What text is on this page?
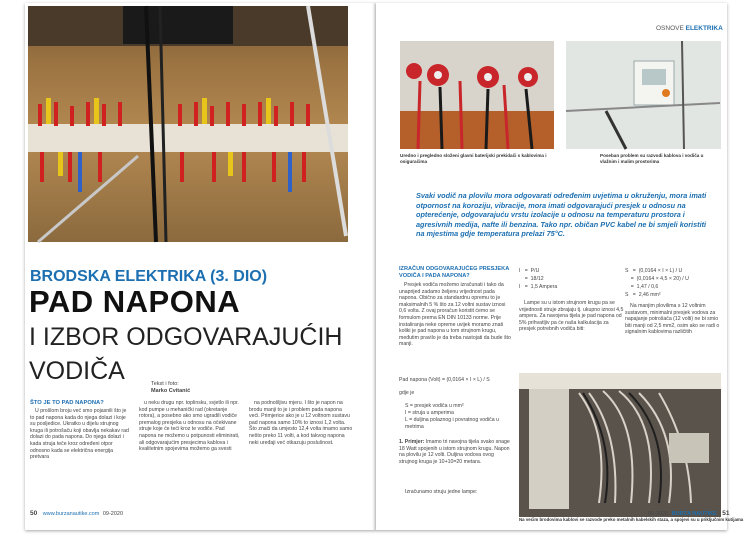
BRODSKA ELEKTRIKA (3. DIO)
PAD NAPONA
I IZBOR ODGOVARAJUĆIH
VODIČA	Tekst i foto:
Marko Cvitanić
ŠTO JE TO PAD NAPONA?

U prošlom broju već smo pojasnili što je to pad napona kada do njega dolazi i koje su posljedice. Ukratko u dijelu strujnog kruga ili potrošaču koji obavlja nekakav rad dolazi do pada napona. Do njega dolazi i kada struja teče kroz određeni otpor odnosno kada se električna energija pretvara

u neku drugu npr. toplinsku, svjetlo ili npr. kod pumpe u mehanički rad (okretanje rotora), a posebno ako smo ugradili vodiče premalog presjeka u odnosu na očekivane struje koje će teći kroz te vodiče. Pad napona ne možemo u potpunosti eliminirati, ali odgovarajućim presjecima kablova i kvalitetnim spojevima možemo ga svesti

na podnošljivu mjeru. I što je napon na brodu manji to je i problem pada napona veći. Primjerice ako je u 12 voltnom sustavu pad napona samo 10% to iznosi 1,2 volta. Što znači da umjesto 12,4 volta imamo samo nešto preko 11 volti, a kod takvog napona neki uređaji već otkazuju poslušnost.

50 www.burzanautike.com 09-2020
OSNOVE ELEKTRIKA
Uredno i pregledno složeni glavni baterijski prekidači s kablovima i osiguračima
Poseban problem su razvodi kablova i vodiča u vlažnim i malim prostorima
Svaki vodič na plovilu mora odgovarati određenim uvjetima u okruženju, mora imati otpornost na koroziju, vibracije, mora imati odgovarajući presjek u odnosu na opterećenje, odgovarajuću vrstu izolacije u odnosu na temperaturu prostora i agresivnih medija, nafte ili benzina. Tako npr. običan PVC kabel ne bi smjeli koristiti na mjestima gdje temperatura prelazi 75°C.
IZRAČUN ODGOVARAJUĆEG PRESJEKA VODIČA I PADA NAPONA?

Presjek vodiča možemo izračunati i tako da unaprijed zadamo željenu vrijednost pada napona. Obično za standardnu opremu to je maksimalnih 5 % što za 12 voltni sustav iznosi 0,6 volta. Z ovaj proračun koristit ćemo se formulom prema EN DIN 10133 norme. Prije instaliranja neke opreme uvijek moramo znati koliki je pad napona u tom strujnom krugu, međutim pravilo je da treba nastojati da bude što manji.

Pad napona (Volt) = (0,0164 × I × L) / S
gdje je
S = presjek vodiča u mm²
I = struja u amperima
L = duljina polaznog i povratnog vodiča u metrima
1. Primjer: Imamo tri navojna tijela svako snage 18 Watt spojenih u istom strujnom krugu. Napon na plovilu je 12 volti. Duljina vodova ovog strujnog kruga je 10+10=20 metara.
Izračunamo struju jedne lampe:
I   =  P/U
=  18/12
I   =  1,5 Ampera

Lampe su u istom strujnom krugu pa se vrijednosti struje zbrajaju tj. ukupno iznosi 4,5 ampera. Za navojena tijela je pad napona od 5% prihvatljiv pa će naša kalkulacija za presjek potrebnih vodiča biti:

S   =  (0,0164 × I × L) / U
=  (0,0164 × 4,5 × 20) / U
=  1,47 / 0,6
S   =  2,46 mm²

Na manjim plovilima s 12 voltnim sustavom, minimalni presjek vodova za napajanje potrošača (12 volti) ne bi smio biti manji od 2,5 mm2, osim ako se radi o signalnim kablovima različitih

Na većim brodovima kablovi se razvode preko metalnih kabelskih staza, a spojevi su u priključnim kutijama
09-2020 BURZA NAUTIKE 51
